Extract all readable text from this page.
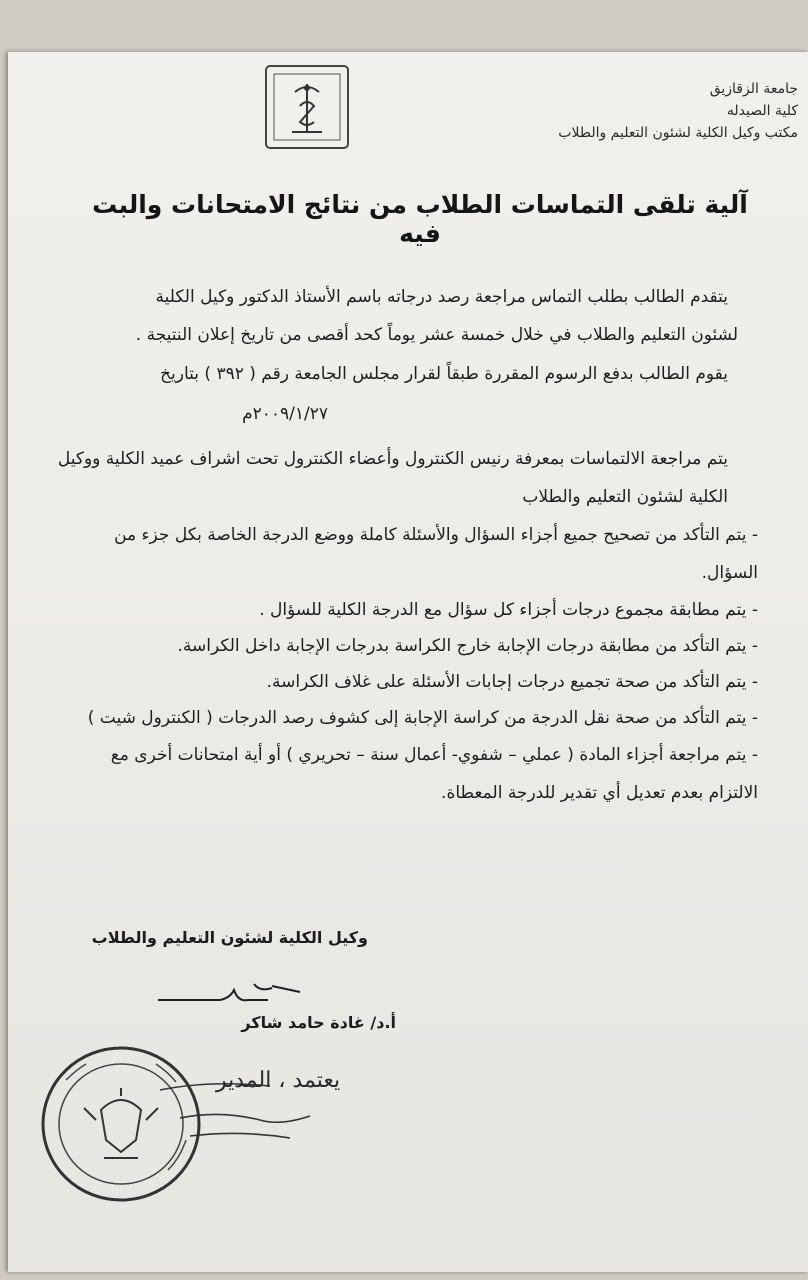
جامعة الزقازيق
كلية الصيدله
مكتب وكيل الكلية لشئون التعليم والطلاب
آلية تلقى التماسات الطلاب من نتائج الامتحانات والبت فيه
يتقدم الطالب بطلب التماس مراجعة رصد درجاته باسم الأستاذ الدكتور وكيل الكلية
لشئون التعليم والطلاب في خلال خمسة عشر يوماً كحد أقصى من تاريخ إعلان النتيجة .
يقوم الطالب بدفع الرسوم المقررة طبقاً لقرار مجلس الجامعة رقم ( ٣٩٢ ) بتاريخ
٢٠٠٩/١/٢٧م
يتم مراجعة الالتماسات بمعرفة رنيس الكنترول وأعضاء الكنترول تحت اشراف عميد الكلية ووكيل
الكلية لشئون التعليم والطلاب
- يتم التأكد من تصحيح جميع أجزاء السؤال والأسئلة كاملة ووضع الدرجة الخاصة بكل جزء من
السؤال.
- يتم مطابقة مجموع درجات أجزاء كل سؤال مع الدرجة الكلية للسؤال .
- يتم التأكد من مطابقة درجات الإجابة خارج الكراسة بدرجات الإجابة داخل الكراسة.
- يتم التأكد من صحة تجميع درجات إجابات الأسئلة على غلاف الكراسة.
- يتم التأكد من صحة نقل الدرجة من كراسة الإجابة إلى كشوف رصد الدرجات ( الكنترول شيت )
- يتم مراجعة أجزاء المادة ( عملي – شفوي- أعمال سنة – تحريري ) أو أية امتحانات أخرى مع
الالتزام بعدم تعديل أي تقدير للدرجة المعطاة.
وكيل الكلية لشئون التعليم والطلاب
أ.د/ غادة حامد شاكر
يعتمد ، المدير
